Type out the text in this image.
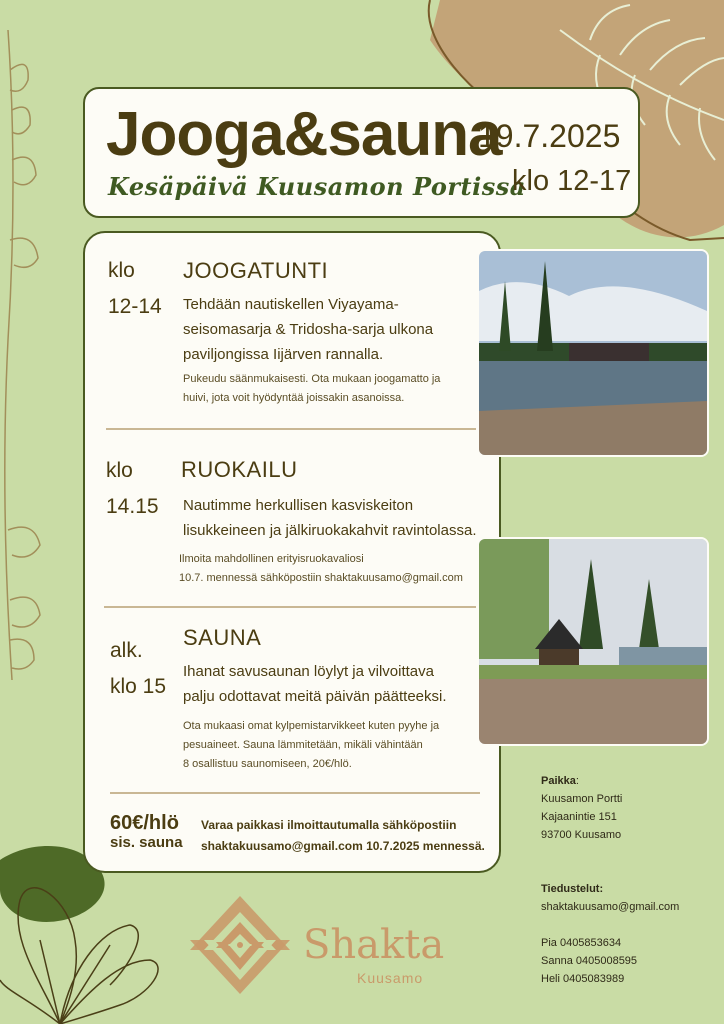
Jooga&sauna
Kesäpäivä Kuusamon Portissa
19.7.2025
klo 12-17
klo
12-14
JOOGATUNTI
Tehdään nautiskellen Viyayama-
seisomasarja & Tridosha-sarja ulkona
paviljongissa Iijärven rannalla.
Pukeudu säänmukaisesti. Ota mukaan joogamatto ja
huivi, jota voit hyödyntää joissakin asanoissa.
klo
14.15
RUOKAILU
Nautimme herkullisen kasviskeiton
lisukkeineen ja jälkiruokakahvit ravintolassa.
Ilmoita mahdollinen erityisruokavaliosi
10.7. mennessä sähköpostiin shaktakuusamo@gmail.com
alk.
klo 15
SAUNA
Ihanat savusaunan löylyt ja vilvoittava
palju odottavat meitä päivän päätteeksi.
Ota mukaasi omat kylpemistarvikkeet kuten pyyhe ja
pesuaineet. Sauna lämmitetään, mikäli vähintään
8 osallistuu saunomiseen, 20€/hlö.
60€/hlö
sis. sauna
Varaa paikkasi ilmoittautumalla sähköpostiin
shaktakuusamo@gmail.com 10.7.2025 mennessä.
Paikka:
Kuusamon Portti
Kajaanintie 151
93700 Kuusamo
Tiedustelut:
shaktakuusamo@gmail.com
Pia 0405853634
Sanna 0405008595
Heli 0405083989
Shakta
Kuusamo
